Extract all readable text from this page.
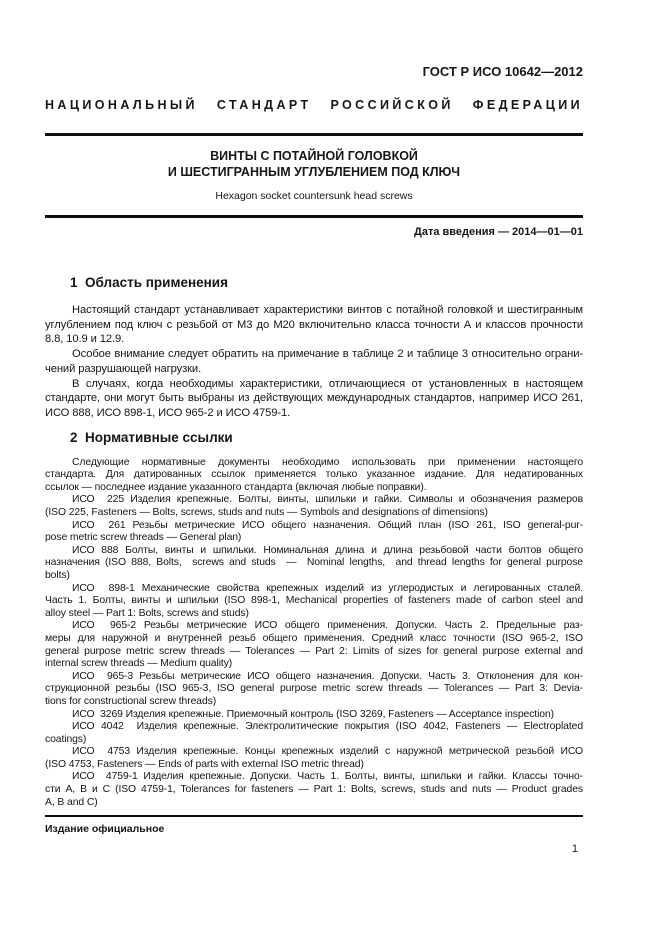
ГОСТ Р ИСО 10642—2012
НАЦИОНАЛЬНЫЙ СТАНДАРТ РОССИЙСКОЙ ФЕДЕРАЦИИ
ВИНТЫ С ПОТАЙНОЙ ГОЛОВКОЙ
И ШЕСТИГРАННЫМ УГЛУБЛЕНИЕМ ПОД КЛЮЧ
Hexagon socket countersunk head screws
Дата введения — 2014—01—01
1  Область применения
Настоящий стандарт устанавливает характеристики винтов с потайной головкой и шестигранным
углублением под ключ с резьбой от М3 до М20 включительно класса точности А и классов прочности
8.8, 10.9 и 12.9.
Особое внимание следует обратить на примечание в таблице 2 и таблице 3 относительно ограни-
чений разрушающей нагрузки.
В случаях, когда необходимы характеристики, отличающиеся от установленных в настоящем
стандарте, они могут быть выбраны из действующих международных стандартов, например ИСО 261,
ИСО 888, ИСО 898-1, ИСО 965-2 и ИСО 4759-1.
2  Нормативные ссылки
Следующие нормативные документы необходимо использовать при применении настоящего
стандарта. Для датированных ссылок применяется только указанное издание. Для недатированных
ссылок — последнее издание указанного стандарта (включая любые поправки).
ИСО  225 Изделия крепежные. Болты, винты, шпильки и гайки. Символы и обозначения размеров
(ISO 225, Fasteners — Bolts, screws, studs and nuts — Symbols and designations of dimensions)
ИСО  261 Резьбы метрические ИСО общего назначения. Общий план (ISO 261, ISO general-pur-
pose metric screw threads — General plan)
ИСО 888 Болты, винты и шпильки. Номинальная длина и длина резьбовой части болтов общего
назначения (ISO 888, Bolts,  screws and studs  —  Nominal lengths,  and thread lengths for general purpose
bolts)
ИСО  898-1 Механические свойства крепежных изделий из углеродистых и легированных сталей.
Часть 1. Болты, винты и шпильки (ISO 898-1, Mechanical properties of fasteners made of carbon steel and
alloy steel — Part 1: Bolts, screws and studs)
ИСО  965-2 Резьбы метрические ИСО общего применения. Допуски. Часть 2. Предельные раз-
меры для наружной и внутренней резьб общего применения. Средний класс точности (ISO 965-2, ISO
general purpose metric screw threads — Tolerances — Part 2: Limits of sizes for general purpose external and
internal screw threads — Medium quality)
ИСО  965-3 Резьбы метрические ИСО общего назначения. Допуски. Часть 3. Отклонения для кон-
струкционной резьбы (ISO 965-3, ISO general purpose metric screw threads — Tolerances — Part 3: Devia-
tions for constructional screw threads)
ИСО  3269 Изделия крепежные. Приемочный контроль (ISO 3269, Fasteners — Acceptance inspection)
ИСО 4042  Изделия крепежные. Электролитические покрытия (ISO 4042, Fasteners — Electroplated
coatings)
ИСО  4753 Изделия крепежные. Концы крепежных изделий с наружной метрической резьбой ИСО
(ISO 4753, Fasteners — Ends of parts with external ISO metric thread)
ИСО  4759-1 Изделия крепежные. Допуски. Часть 1. Болты, винты, шпильки и гайки. Классы точно-
сти А, В и С (ISO 4759-1, Tolerances for fasteners — Part 1: Bolts, screws, studs and nuts — Product grades
A, B and C)
Издание официальное
1
